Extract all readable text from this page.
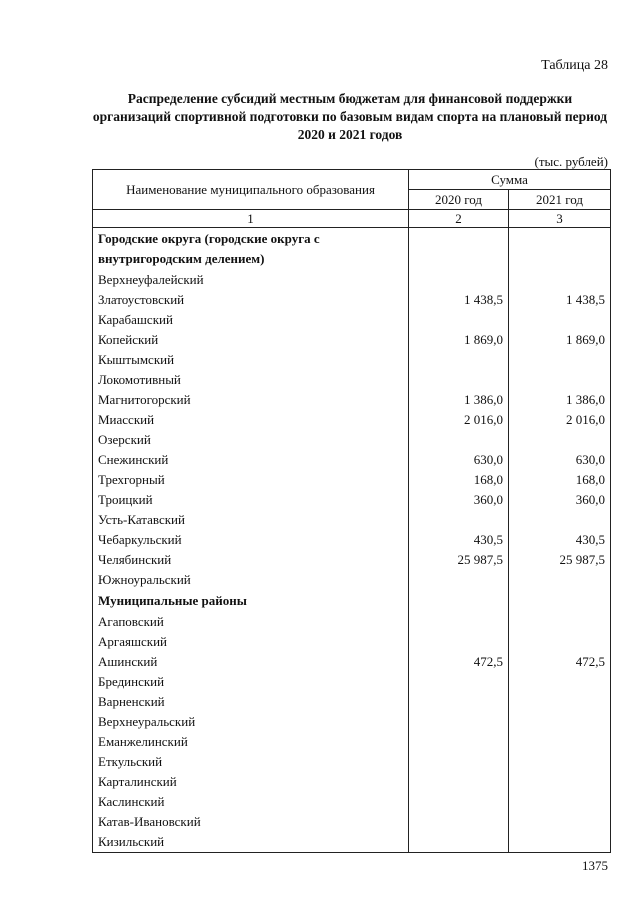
Таблица 28
Распределение субсидий местным бюджетам для финансовой поддержки организаций спортивной подготовки по базовым видам спорта на плановый период 2020 и 2021 годов
(тыс. рублей)
Наименование муниципального образования	Сумма	
	2020 год	2021 год
1	2	3
Городские округа (городские округа с внутригородским делением)		
Верхнеуфалейский		
Златоустовский	1 438,5	1 438,5
Карабашский		
Копейский	1 869,0	1 869,0
Кыштымский		
Локомотивный		
Магнитогорский	1 386,0	1 386,0
Миасский	2 016,0	2 016,0
Озерский		
Снежинский	630,0	630,0
Трехгорный	168,0	168,0
Троицкий	360,0	360,0
Усть-Катавский		
Чебаркульский	430,5	430,5
Челябинский	25 987,5	25 987,5
Южноуральский		
Муниципальные районы		
Агаповский		
Аргаяшский		
Ашинский	472,5	472,5
Брединский		
Варненский		
Верхнеуральский		
Еманжелинский		
Еткульский		
Карталинский		
Каслинский		
Катав-Ивановский		
Кизильский		
1375
